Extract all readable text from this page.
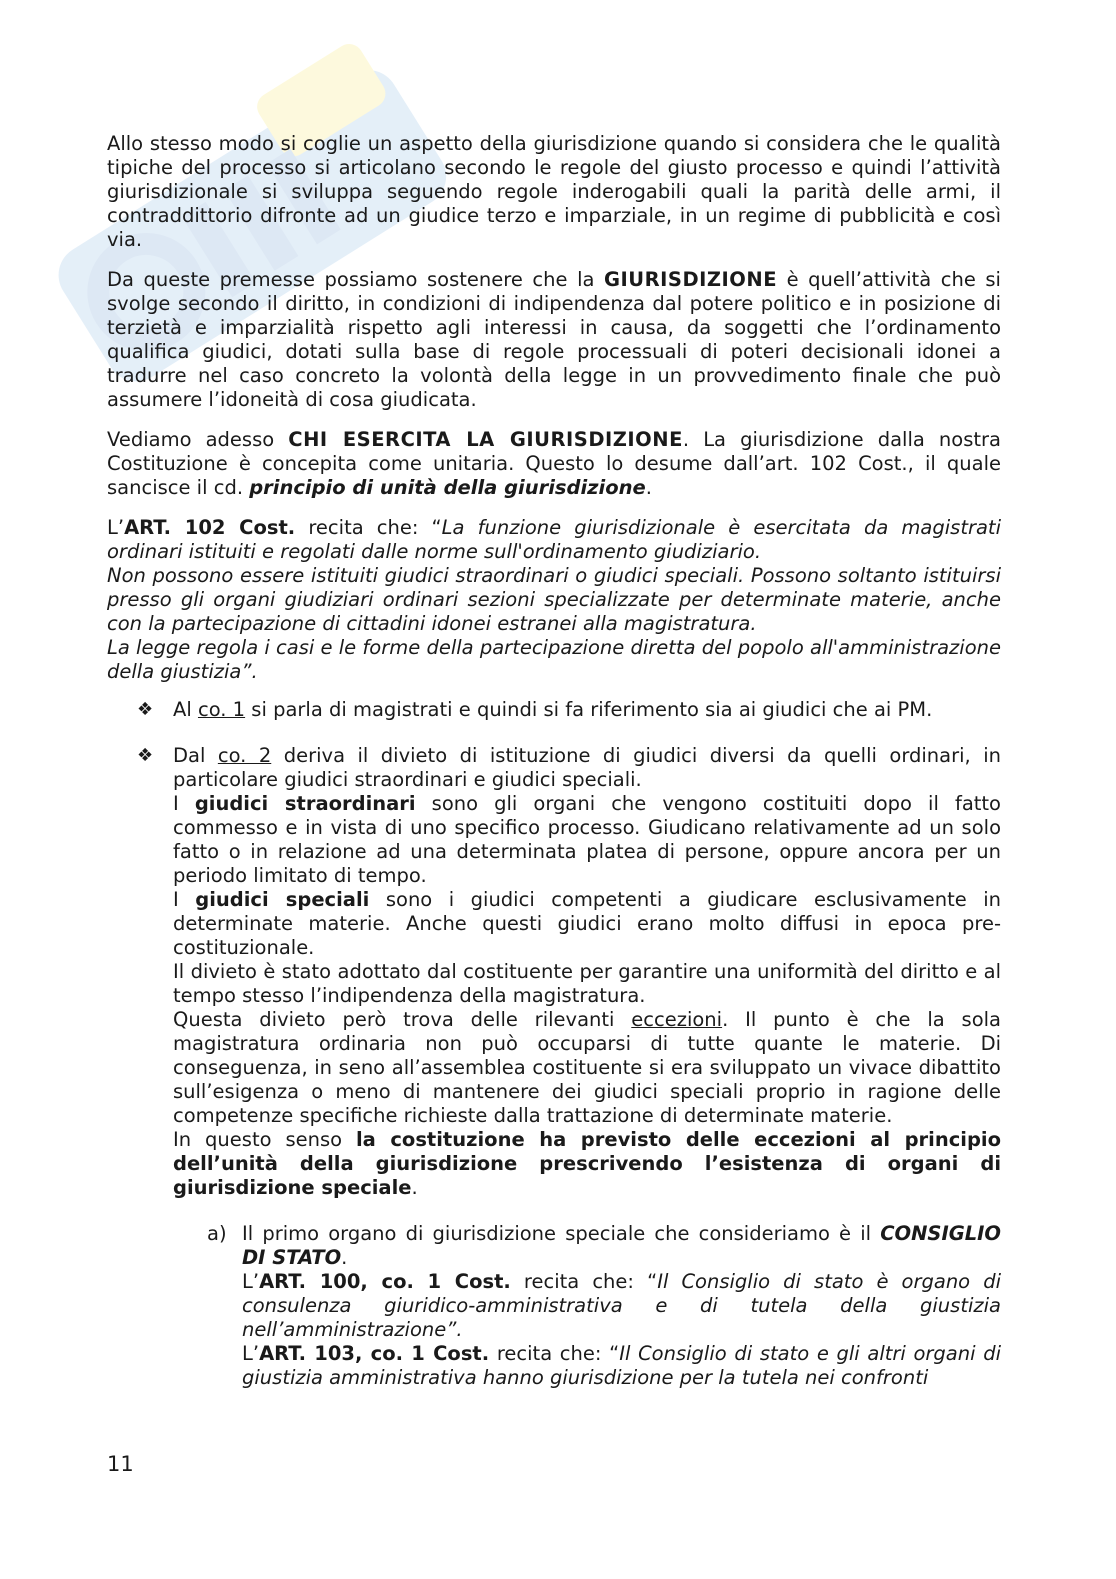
Allo stesso modo si coglie un aspetto della giurisdizione quando si considera che le qualità tipiche del processo si articolano secondo le regole del giusto processo e quindi l’attività giurisdizionale si sviluppa seguendo regole inderogabili quali la parità delle armi, il contraddittorio difronte ad un giudice terzo e imparziale, in un regime di pubblicità e così via.

Da queste premesse possiamo sostenere che la GIURISDIZIONE è quell’attività che si svolge secondo il diritto, in condizioni di indipendenza dal potere politico e in posizione di terzietà e imparzialità rispetto agli interessi in causa, da soggetti che l’ordinamento qualifica giudici, dotati sulla base di regole processuali di poteri decisionali idonei a tradurre nel caso concreto la volontà della legge in un provvedimento finale che può assumere l’idoneità di cosa giudicata.

Vediamo adesso CHI ESERCITA LA GIURISDIZIONE. La giurisdizione dalla nostra Costituzione è concepita come unitaria. Questo lo desume dall’art. 102 Cost., il quale sancisce il cd. principio di unità della giurisdizione.

L’ART. 102 Cost. recita che: “La funzione giurisdizionale è esercitata da magistrati ordinari istituiti e regolati dalle norme sull'ordinamento giudiziario.

Non possono essere istituiti giudici straordinari o giudici speciali. Possono soltanto istituirsi presso gli organi giudiziari ordinari sezioni specializzate per determinate materie, anche con la partecipazione di cittadini idonei estranei alla magistratura.

La legge regola i casi e le forme della partecipazione diretta del popolo all'amministrazione della giustizia”.

❖ Al co. 1 si parla di magistrati e quindi si fa riferimento sia ai giudici che ai PM.

❖ Dal co. 2 deriva il divieto di istituzione di giudici diversi da quelli ordinari, in particolare giudici straordinari e giudici speciali.

I giudici straordinari sono gli organi che vengono costituiti dopo il fatto commesso e in vista di uno specifico processo. Giudicano relativamente ad un solo fatto o in relazione ad una determinata platea di persone, oppure ancora per un periodo limitato di tempo.

I giudici speciali sono i giudici competenti a giudicare esclusivamente in determinate materie. Anche questi giudici erano molto diffusi in epoca pre-costituzionale.

Il divieto è stato adottato dal costituente per garantire una uniformità del diritto e al tempo stesso l’indipendenza della magistratura.

Questa divieto però trova delle rilevanti eccezioni. Il punto è che la sola magistratura ordinaria non può occuparsi di tutte quante le materie. Di conseguenza, in seno all’assemblea costituente si era sviluppato un vivace dibattito sull’esigenza o meno di mantenere dei giudici speciali proprio in ragione delle competenze specifiche richieste dalla trattazione di determinate materie.

In questo senso la costituzione ha previsto delle eccezioni al principio dell’unità della giurisdizione prescrivendo l’esistenza di organi di giurisdizione speciale.

a) Il primo organo di giurisdizione speciale che consideriamo è il CONSIGLIO DI STATO.

L’ART. 100, co. 1 Cost. recita che: “Il Consiglio di stato è organo di consulenza giuridico-amministrativa e di tutela della giustizia nell’amministrazione”.

L’ART. 103, co. 1 Cost. recita che: “Il Consiglio di stato e gli altri organi di giustizia amministrativa hanno giurisdizione per la tutela nei confronti

11
